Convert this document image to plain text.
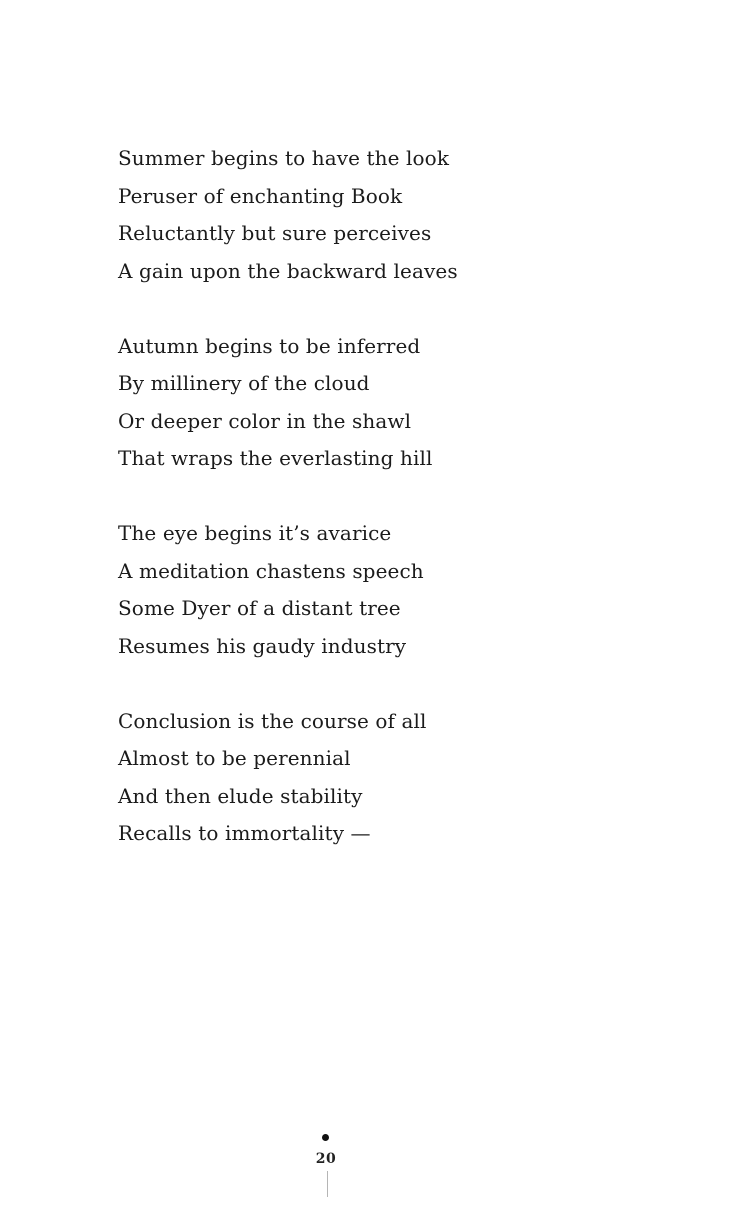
Summer begins to have the look

Peruser of enchanting Book

Reluctantly but sure perceives

A gain upon the backward leaves

Autumn begins to be inferred

By millinery of the cloud

Or deeper color in the shawl

That wraps the everlasting hill

The eye begins it’s avarice

A meditation chastens speech

Some Dyer of a distant tree

Resumes his gaudy industry

Conclusion is the course of all

Almost to be perennial

And then elude stability

Recalls to immortality —

20
